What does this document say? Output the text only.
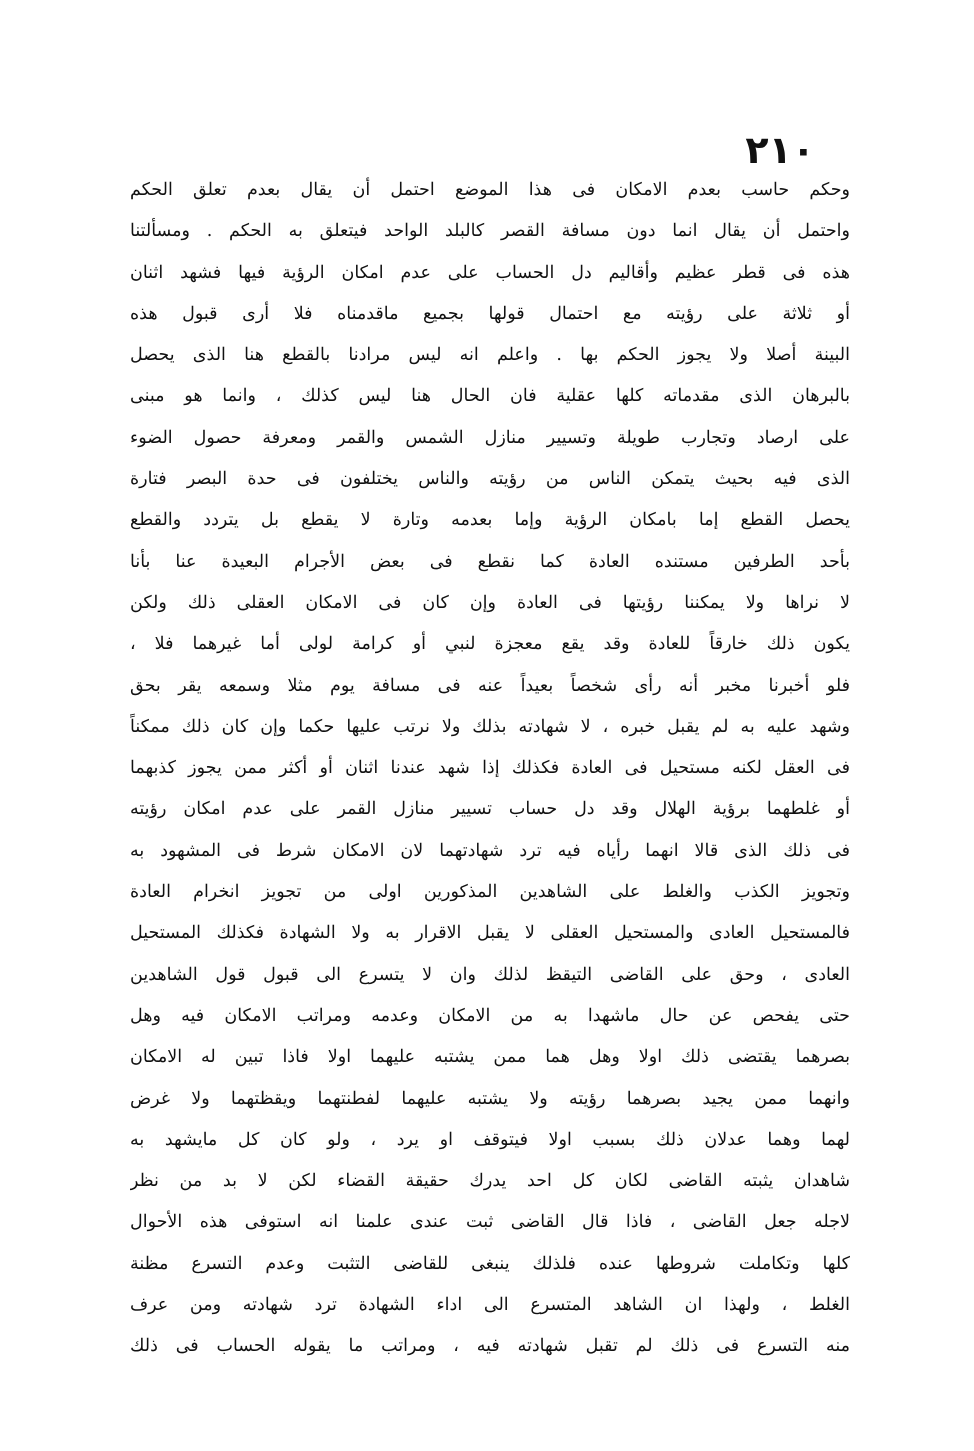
٢١٠
وحكم حاسب بعدم الامكان فى هذا الموضع احتمل أن يقال بعدم تعلق الحكم
واحتمل أن يقال انما دون مسافة القصر كالبلد الواحد فيتعلق به الحكم . ومسألتنا
هذه فى قطر عظيم وأقاليم دل الحساب على عدم امكان الرؤية فيها فشهد اثنان
أو ثلاثة على رؤيته مع احتمال قولها بجميع ماقدمناه فلا أرى قبول هذه
البينة أصلا ولا يجوز الحكم بها . واعلم انه ليس مرادنا بالقطع هنا الذى يحصل
بالبرهان الذى مقدماته كلها عقلية فان الحال هنا ليس كذلك ، وانما هو مبنى
على ارصاد وتجارب طويلة وتسيير منازل الشمس والقمر ومعرفة حصول الضوء
الذى فيه بحيث يتمكن الناس من رؤيته والناس يختلفون فى حدة البصر فتارة
يحصل القطع إما بامكان الرؤية وإما بعدمه وتارة لا يقطع بل يتردد والقطع
بأحد الطرفين مستنده العادة كما نقطع فى بعض الأجرام البعيدة عنا بأنا
لا نراها ولا يمكننا رؤيتها فى العادة وإن كان فى الامكان العقلى ذلك ولكن
يكون ذلك خارقاً للعادة وقد يقع معجزة لنبي أو كرامة لولى أما غيرهما فلا ،
فلو أخبرنا مخبر أنه رأى شخصاً بعيداً عنه فى مسافة يوم مثلا وسمعه يقر بحق
وشهد عليه به لم يقبل خبره ، لا شهادته بذلك ولا نرتب عليها حكما وإن كان ذلك ممكناً
فى العقل لكنه مستحيل فى العادة فكذلك إذا شهد عندنا اثنان أو أكثر ممن يجوز كذبهما
أو غلطهما برؤية الهلال وقد دل حساب تسيير منازل القمر على عدم امكان رؤيته
فى ذلك الذى قالا انهما رأياه فيه ترد شهادتهما لان الامكان شرط فى المشهود به
وتجويز الكذب والغلط على الشاهدين المذكورين اولى من تجويز انخرام العادة
فالمستحيل العادى والمستحيل العقلى لا يقبل الاقرار به ولا الشهادة فكذلك المستحيل
العادى ، وحق على القاضى التيقظ لذلك وان لا يتسرع الى قبول قول الشاهدين
حتى يفحص عن حال ماشهدا به من الامكان وعدمه ومراتب الامكان فيه وهل
بصرهما يقتضى ذلك اولا وهل هما ممن يشتبه عليهما اولا فاذا تبين له الامكان
وانهما ممن يجيد بصرهما رؤيته ولا يشتبه عليهما لفطنتهما ويقظتهما ولا غرض
لهما وهما عدلان ذلك بسبب اولا فيتوقف او يرد ، ولو كان كل مايشهد به
شاهدان يثبته القاضى لكان كل احد يدرك حقيقة القضاء لكن لا بد من نظر
لاجله جعل القاضى ، فاذا قال القاضى ثبت عندى علمنا انه استوفى هذه الأحوال
كلها وتكاملت شروطها عنده فلذلك ينبغى للقاضى التثبت وعدم التسرع مظنة
الغلط ، ولهذا ان الشاهد المتسرع الى اداء الشهادة ترد شهادته ومن عرف
منه التسرع فى ذلك لم تقبل شهادته فيه ، ومراتب ما يقوله الحساب فى ذلك
